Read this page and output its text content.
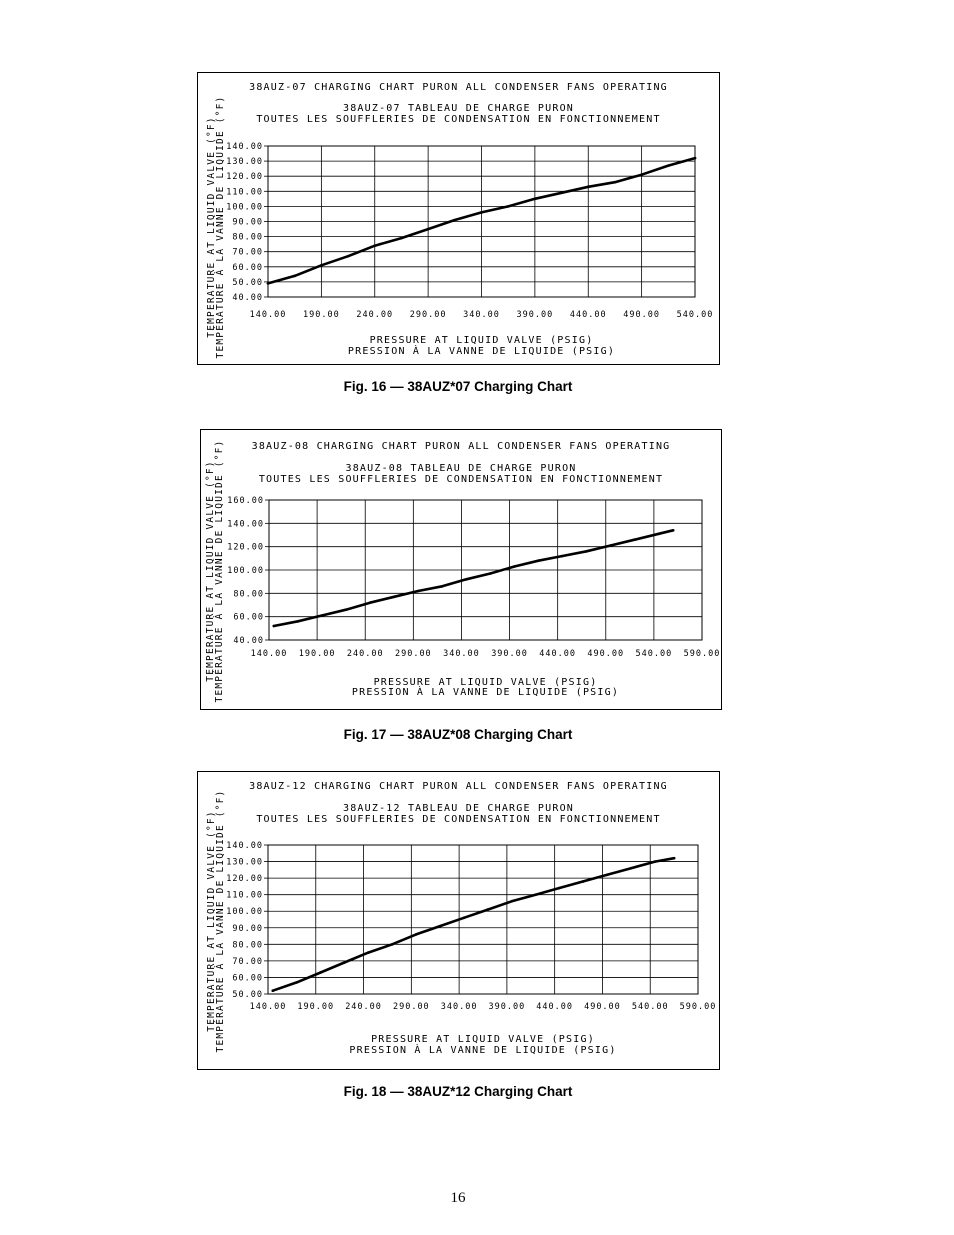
140.00 190.00 240.00 290.00 340.00 390.00 440.00 490.00 540.00
40.00
50.00
60.00
70.00
80.00
90.00
100.00
110.00
120.00
130.00
140.00
38AUZ-07 CHARGING CHART PURON ALL CONDENSER FANS OPERATING
38AUZ-07 TABLEAU DE CHARGE PURON
TOUTES LES SOUFFLERIES DE CONDENSATION EN FONCTIONNEMENT
PRESSURE AT LIQUID VALVE (PSIG)
PRESSION À LA VANNE DE LIQUIDE (PSIG)
TEMPERATURE AT LIQUID VALVE (°F)
TEMPÉRATURE À LA VANNE DE LIQUIDE (°F)
Fig. 16 — 38AUZ*07 Charging Chart
140.00 190.00 240.00 290.00 340.00 390.00 440.00 490.00 540.00 590.00
40.00
60.00
80.00
100.00
120.00
140.00
160.00
38AUZ-08 CHARGING CHART PURON ALL CONDENSER FANS OPERATING
38AUZ-08 TABLEAU DE CHARGE PURON
TOUTES LES SOUFFLERIES DE CONDENSATION EN FONCTIONNEMENT
PRESSURE AT LIQUID VALVE (PSIG)
PRESSION À LA VANNE DE LIQUIDE (PSIG)
TEMPERATURE AT LIQUID VALVE (°F)
TEMPÉRATURE À LA VANNE DE LIQUIDE (°F)
Fig. 17 — 38AUZ*08 Charging Chart
140.00 190.00 240.00 290.00 340.00 390.00 440.00 490.00 540.00 590.00
50.00
60.00
70.00
80.00
90.00
100.00
110.00
120.00
130.00
140.00
38AUZ-12 CHARGING CHART PURON ALL CONDENSER FANS OPERATING
38AUZ-12 TABLEAU DE CHARGE PURON
TOUTES LES SOUFFLERIES DE CONDENSATION EN FONCTIONNEMENT
PRESSURE AT LIQUID VALVE (PSIG)
PRESSION À LA VANNE DE LIQUIDE (PSIG)
TEMPERATURE AT LIQUID VALVE (°F)
TEMPÉRATURE À LA VANNE DE LIQUIDE (°F)
Fig. 18 — 38AUZ*12 Charging Chart
16
